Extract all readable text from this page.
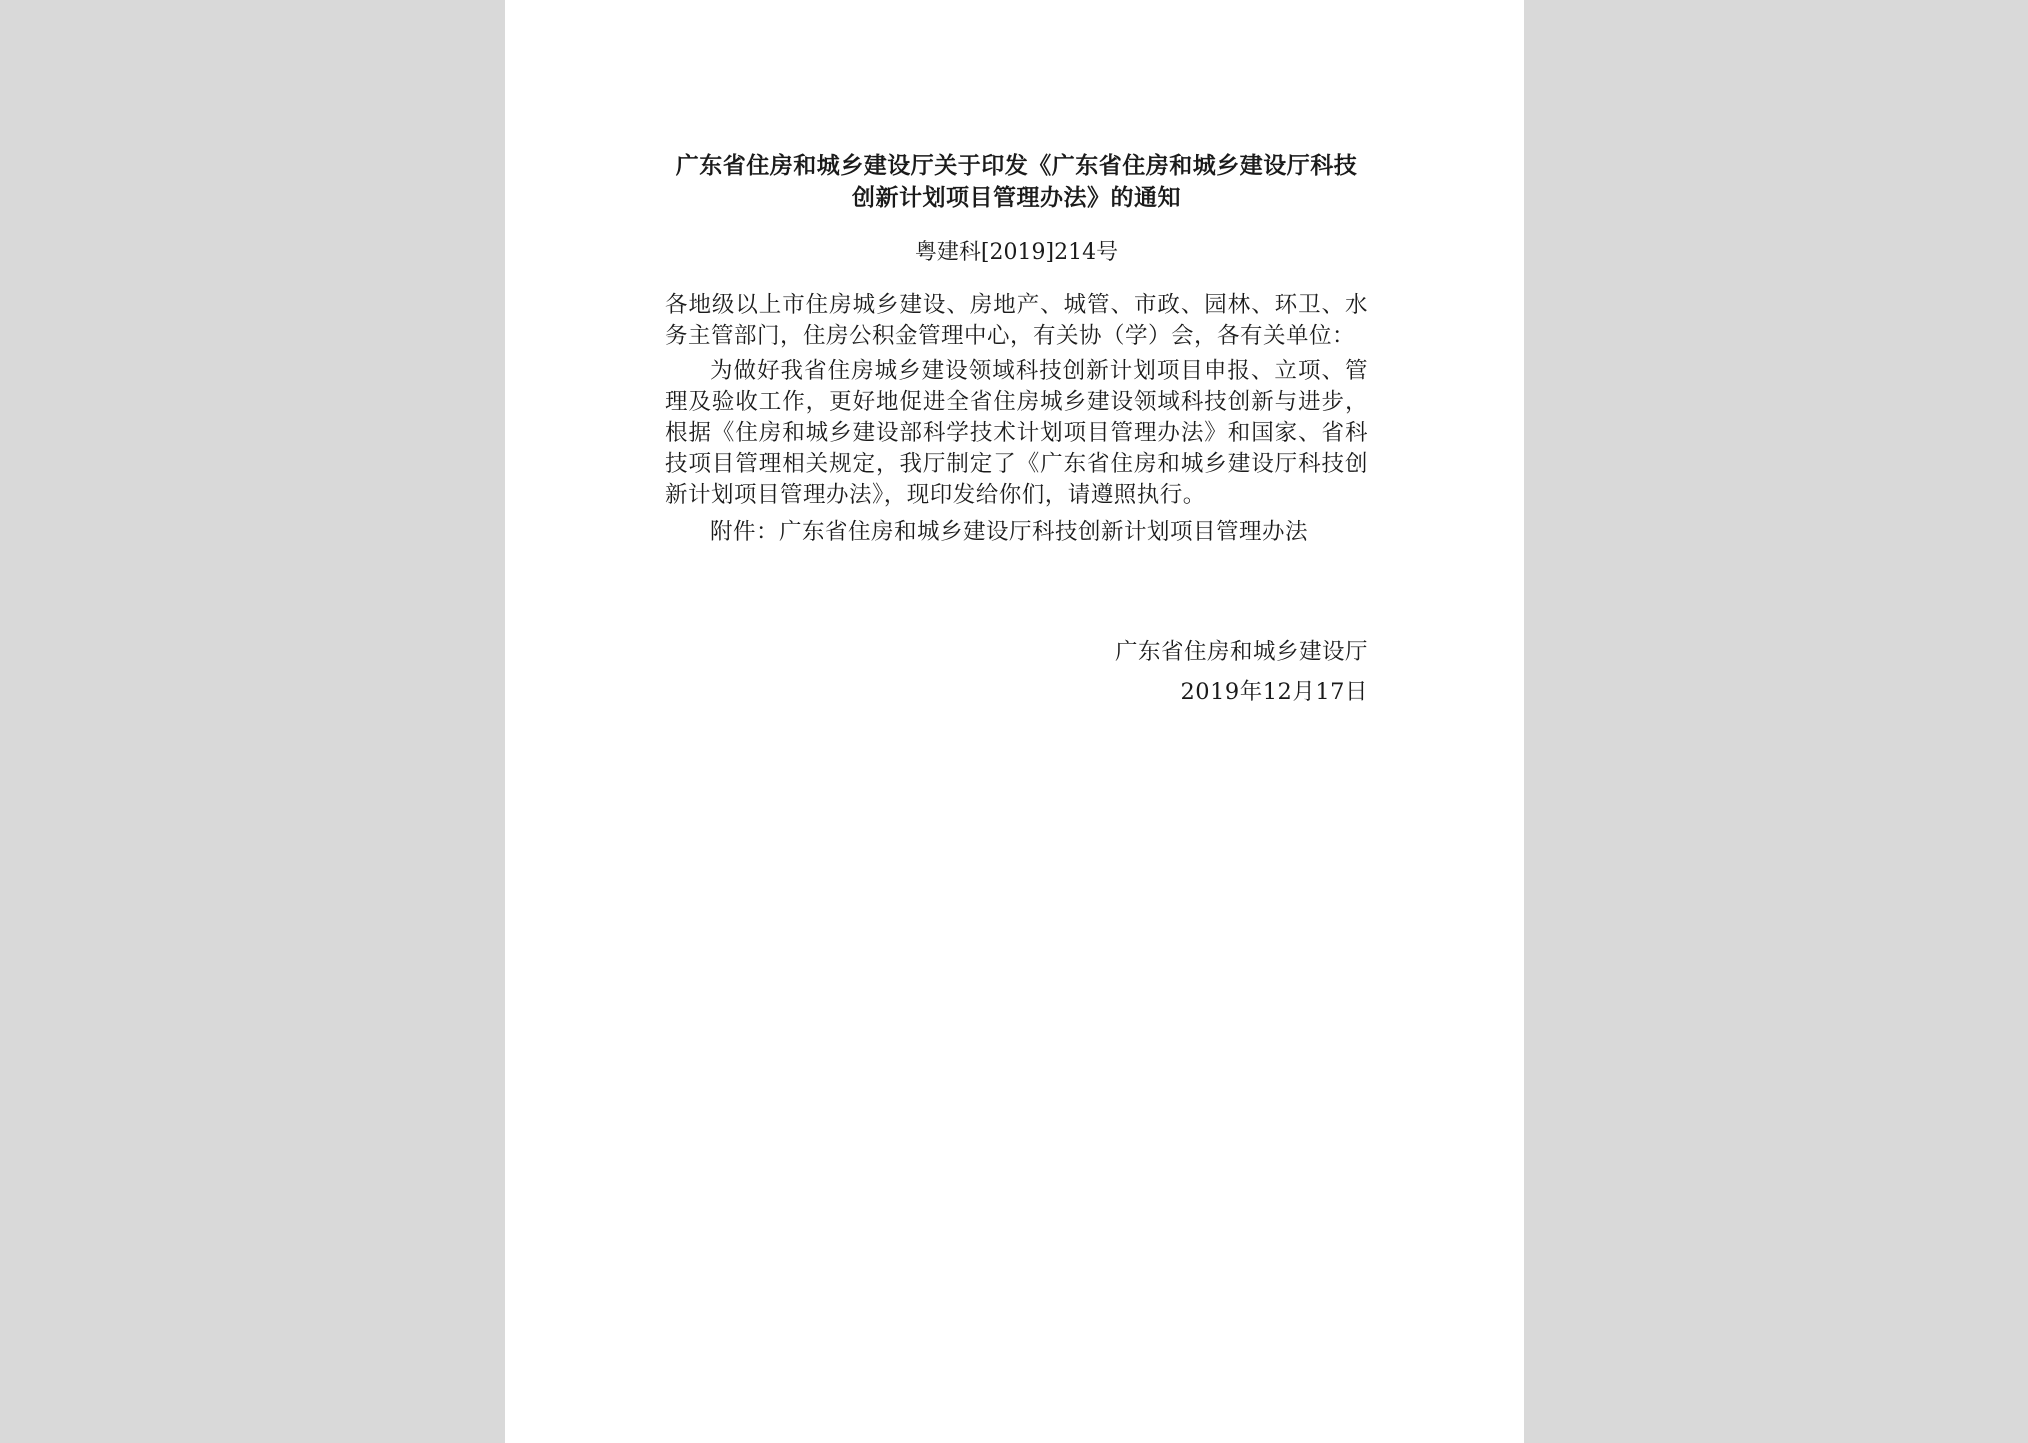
广东省住房和城乡建设厅关于印发《广东省住房和城乡建设厅科技
创新计划项目管理办法》的通知
粤建科[2019]214号
各地级以上市住房城乡建设、房地产、城管、市政、园林、环卫、水务主管部门，住房公积金管理中心，有关协（学）会，各有关单位：
为做好我省住房城乡建设领域科技创新计划项目申报、立项、管理及验收工作，更好地促进全省住房城乡建设领域科技创新与进步，根据《住房和城乡建设部科学技术计划项目管理办法》和国家、省科技项目管理相关规定，我厅制定了《广东省住房和城乡建设厅科技创新计划项目管理办法》，现印发给你们，请遵照执行。
附件：广东省住房和城乡建设厅科技创新计划项目管理办法
广东省住房和城乡建设厅
2019年12月17日
